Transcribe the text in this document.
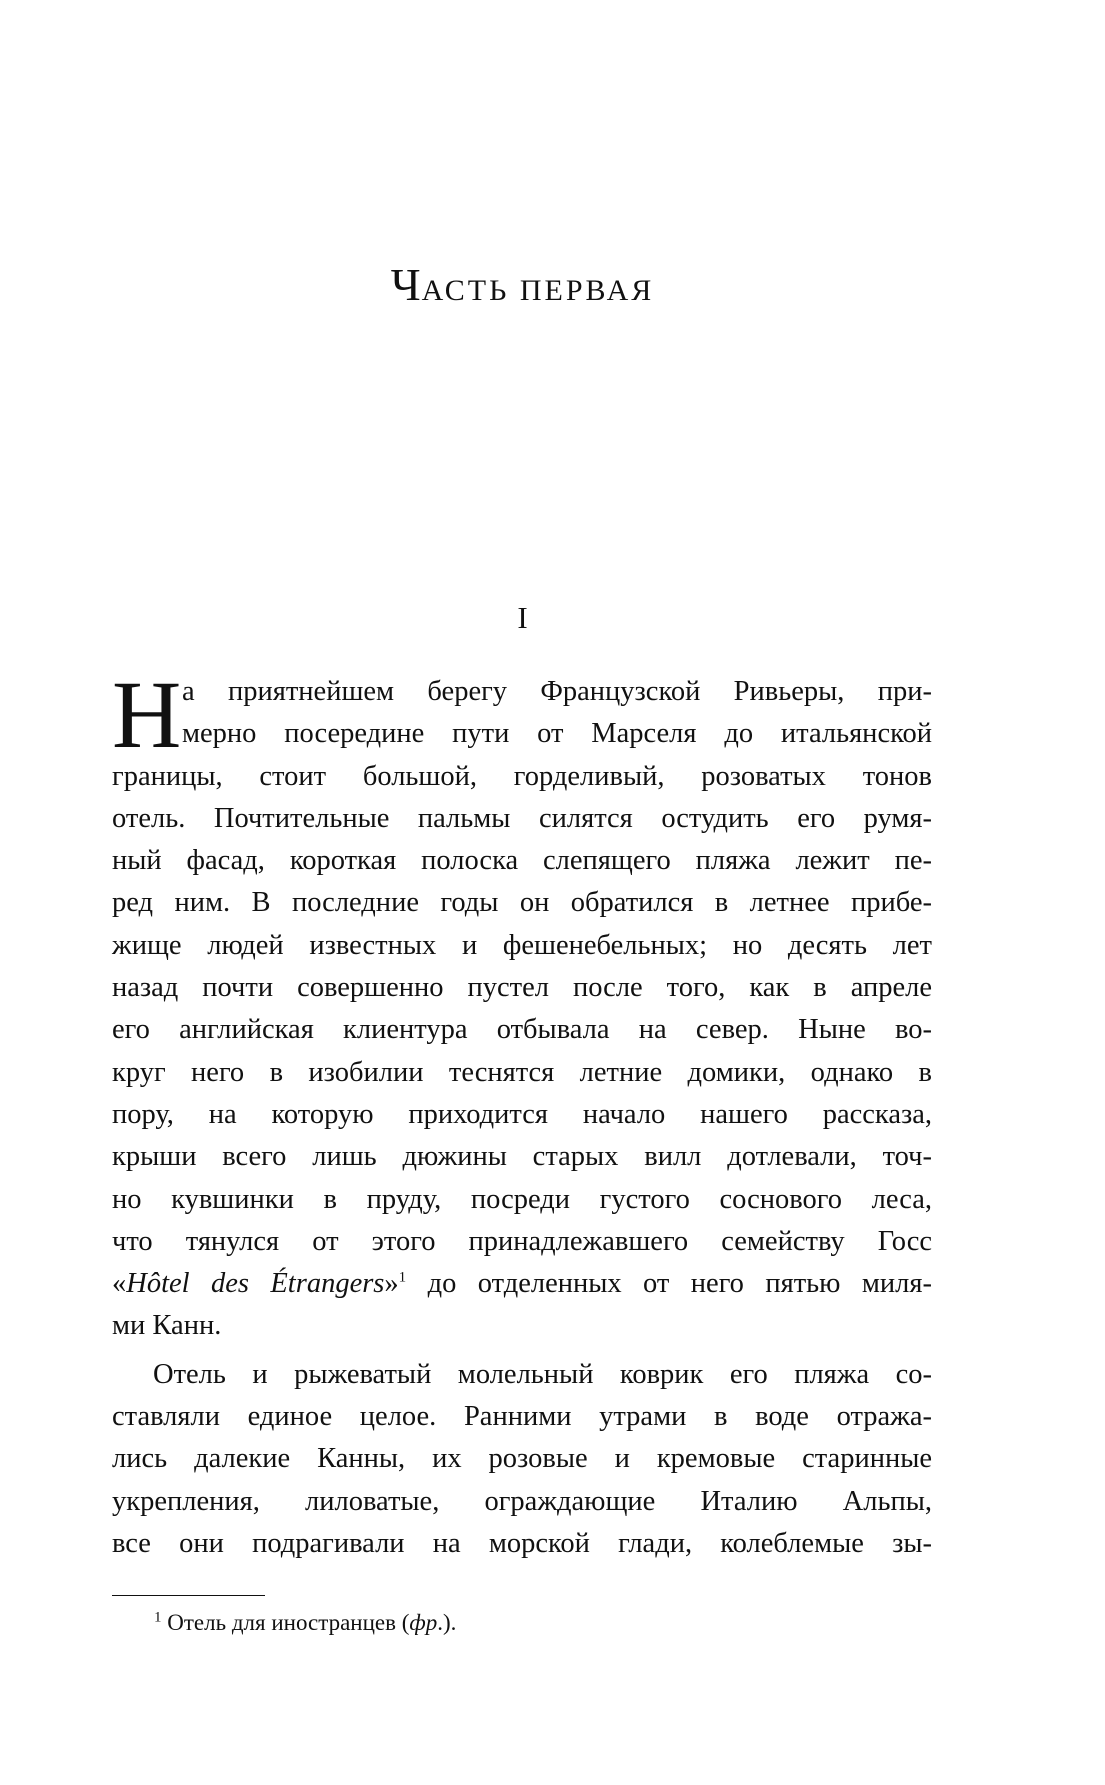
ЧАСТЬ ПЕРВАЯ
I
Н а приятнейшем берегу Французской Ривьеры, при-
мерно посередине пути от Марселя до итальянской
границы, стоит большой, горделивый, розоватых тонов
отель. Почтительные пальмы силятся остудить его румя-
ный фасад, короткая полоска слепящего пляжа лежит пе-
ред ним. В последние годы он обратился в летнее прибе-
жище людей известных и фешенебельных; но десять лет
назад почти совершенно пустел после того, как в апреле
его английская клиентура отбывала на север. Ныне во-
круг него в изобилии теснятся летние домики, однако в
пору, на которую приходится начало нашего рассказа,
крыши всего лишь дюжины старых вилл дотлевали, точ-
но кувшинки в пруду, посреди густого соснового леса,
что тянулся от этого принадлежавшего семейству Госс
«Hôtel des Étrangers»$^1$ до отделенных от него пятью миля-
ми Канн.
Отель и рыжеватый молельный коврик его пляжа со-
ставляли единое целое. Ранними утрами в воде отража-
лись далекие Канны, их розовые и кремовые старинные
укрепления, лиловатые, ограждающие Италию Альпы,
все они подрагивали на морской глади, колеблемые зы-
$^1$ Отель для иностранцев (фр.).
